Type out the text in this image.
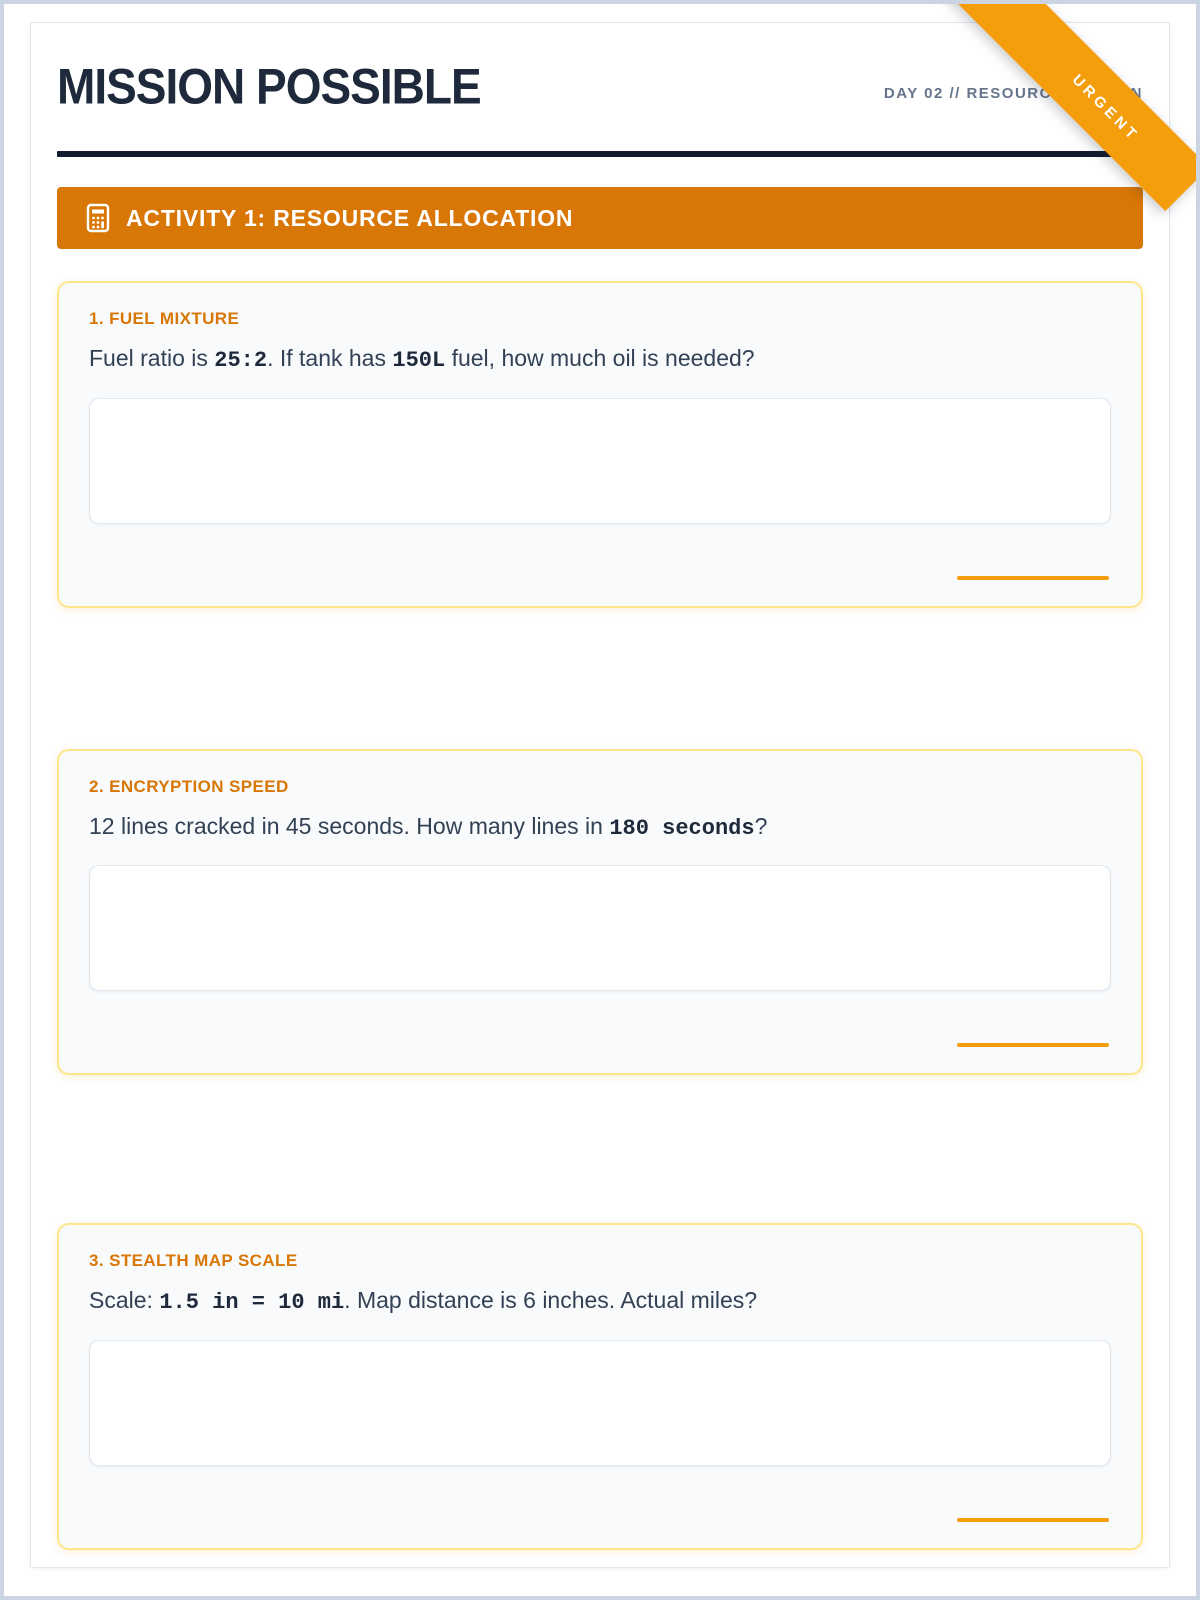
MISSION POSSIBLE	DAY 02 // RESOURCE MISSION
ACTIVITY 1: RESOURCE ALLOCATION
1. FUEL MIXTURE

Fuel ratio is 25:2. If tank has 150L fuel, how much oil is needed?

2. ENCRYPTION SPEED

12 lines cracked in 45 seconds. How many lines in 180 seconds?

3. STEALTH MAP SCALE

Scale: 1.5 in = 10 mi. Map distance is 6 inches. Actual miles?

URGENT
